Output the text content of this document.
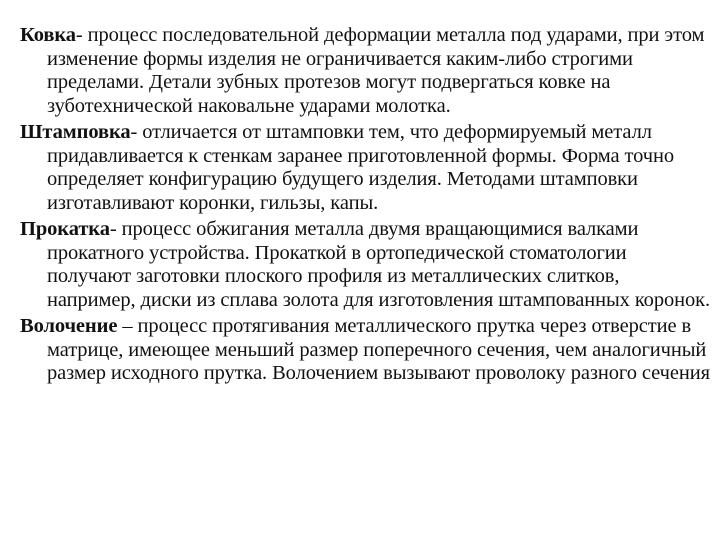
Ковка- процесс последовательной деформации металла под ударами, при этом изменение формы изделия не ограничивается каким-либо строгими пределами. Детали зубных протезов могут подвергаться ковке на зуботехнической наковальне ударами молотка.

Штамповка- отличается от штамповки тем, что деформируемый металл придавливается к стенкам заранее приготовленной формы. Форма точно определяет конфигурацию будущего изделия. Методами штамповки изготавливают коронки, гильзы, капы.

Прокатка- процесс обжигания металла двумя вращающимися валками прокатного устройства. Прокаткой в ортопедической стоматологии получают заготовки плоского профиля из металлических слитков, например, диски из сплава золота для изготовления штампованных коронок.

Волочение – процесс протягивания металлического прутка через отверстие в матрице, имеющее меньший размер поперечного сечения, чем аналогичный размер исходного прутка. Волочением вызывают проволоку разного сечения
